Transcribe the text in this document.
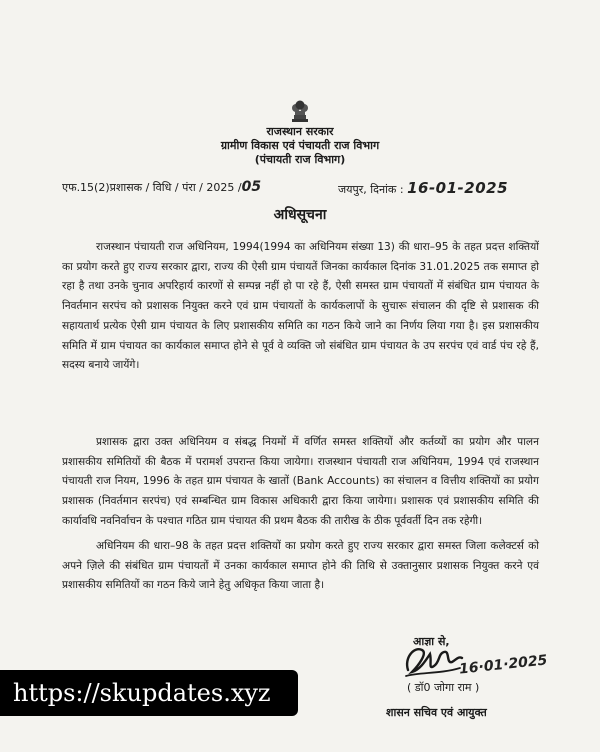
राजस्थान सरकार
ग्रामीण विकास एवं पंचायती राज विभाग
(पंचायती राज विभाग)
एफ.15(2)प्रशासक / विधि / पंरा / 2025 /05	जयपुर, दिनांक : 16-01-2025
अधिसूचना

राजस्थान पंचायती राज अधिनियम, 1994(1994 का अधिनियम संख्या 13) की धारा–95 के तहत प्रदत्त शक्तियों का प्रयोग करते हुए राज्य सरकार द्वारा, राज्य की ऐसी ग्राम पंचायतें जिनका कार्यकाल दिनांक 31.01.2025 तक समाप्त हो रहा है तथा उनके चुनाव अपरिहार्य कारणों से सम्पन्न नहीं हो पा रहे हैं, ऐसी समस्त ग्राम पंचायतों में संबंधित ग्राम पंचायत के निवर्तमान सरपंच को प्रशासक नियुक्त करने एवं ग्राम पंचायतों के कार्यकलापों के सुचारू संचालन की दृष्टि से प्रशासक की सहायतार्थ प्रत्येक ऐसी ग्राम पंचायत के लिए प्रशासकीय समिति का गठन किये जाने का निर्णय लिया गया है। इस प्रशासकीय समिति में ग्राम पंचायत का कार्यकाल समाप्त होने से पूर्व वे व्यक्ति जो संबंधित ग्राम पंचायत के उप सरपंच एवं वार्ड पंच रहे हैं, सदस्य बनाये जायेंगे।

प्रशासक द्वारा उक्त अधिनियम व संबद्ध नियमों में वर्णित समस्त शक्तियों और कर्तव्यों का प्रयोग और पालन प्रशासकीय समितियों की बैठक में परामर्श उपरान्त किया जायेगा। राजस्थान पंचायती राज अधिनियम, 1994 एवं राजस्थान पंचायती राज नियम, 1996 के तहत ग्राम पंचायत के खातों (Bank Accounts) का संचालन व वित्तीय शक्तियों का प्रयोग प्रशासक (निवर्तमान सरपंच) एवं सम्बन्धित ग्राम विकास अधिकारी द्वारा किया जायेगा। प्रशासक एवं प्रशासकीय समिति की कार्यावधि नवनिर्वाचन के पश्चात गठित ग्राम पंचायत की प्रथम बैठक की तारीख के ठीक पूर्ववर्ती दिन तक रहेगी।

अधिनियम की धारा–98 के तहत प्रदत्त शक्तियों का प्रयोग करते हुए राज्य सरकार द्वारा समस्त जिला कलेक्टर्स को अपने ज़िले की संबंधित ग्राम पंचायतों में उनका कार्यकाल समाप्त होने की तिथि से उक्तानुसार प्रशासक नियुक्त करने एवं प्रशासकीय समितियों का गठन किये जाने हेतु अधिकृत किया जाता है।

आज्ञा से,
16·01·2025
( डॉ0 जोगा राम )
शासन सचिव एवं आयुक्त
https://skupdates.xyz
